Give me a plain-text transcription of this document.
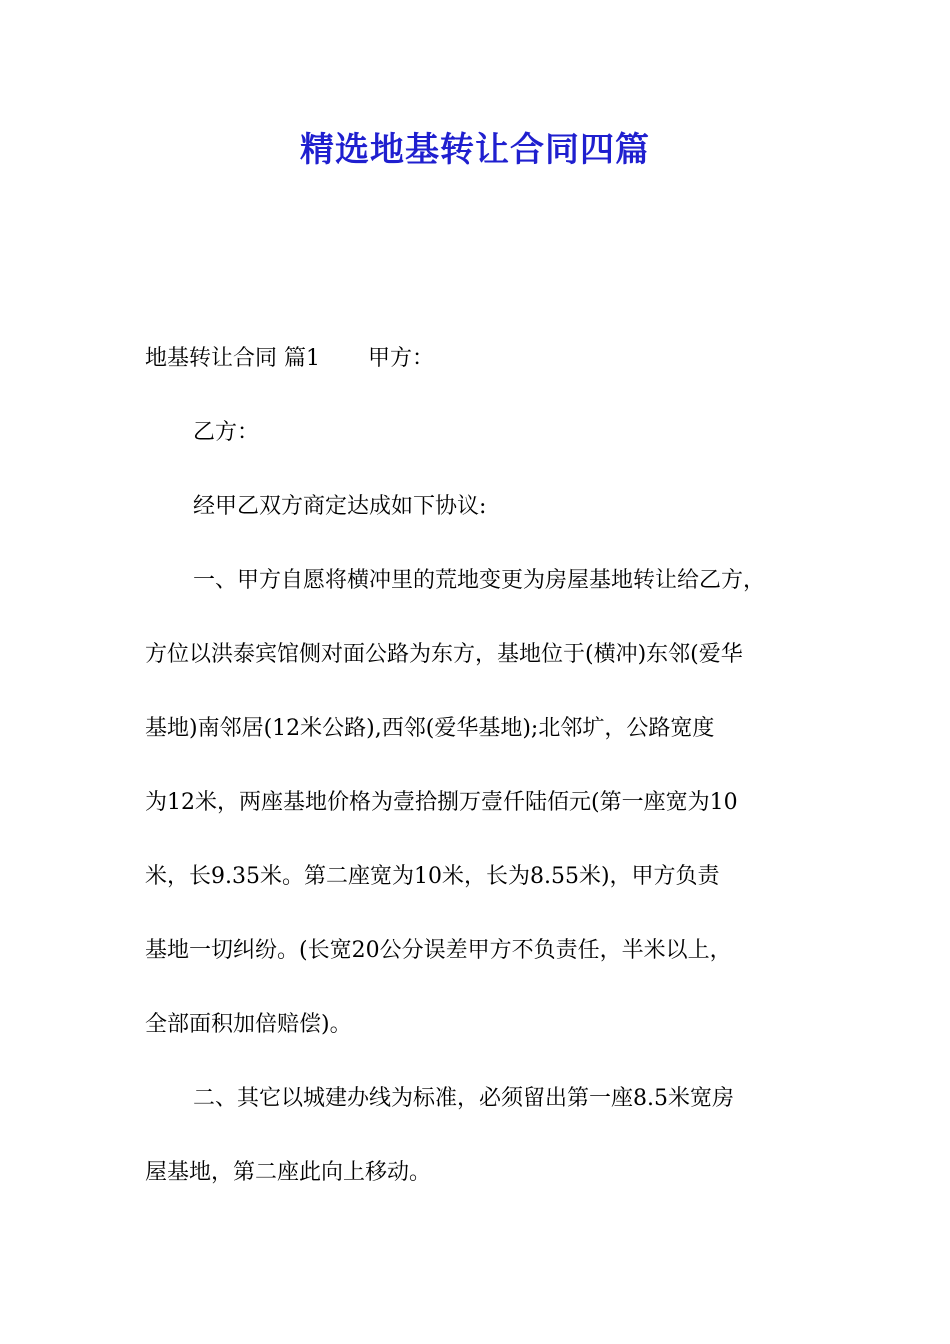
精选地基转让合同四篇
地基转让合同 篇1 甲方：
乙方：
经甲乙双方商定达成如下协议:
一、甲方自愿将横冲里的荒地变更为房屋基地转让给乙方，
方位以洪泰宾馆侧对面公路为东方，基地位于(横冲)东邻(爱华
基地)南邻居(12米公路),西邻(爱华基地);北邻圹，公路宽度
为12米，两座基地价格为壹拾捌万壹仟陆佰元(第一座宽为10
米，长9.35米。第二座宽为10米，长为8.55米)，甲方负责
基地一切纠纷。(长宽20公分误差甲方不负责任，半米以上，
全部面积加倍赔偿)。
二、其它以城建办线为标准，必须留出第一座8.5米宽房
屋基地，第二座此向上移动。
